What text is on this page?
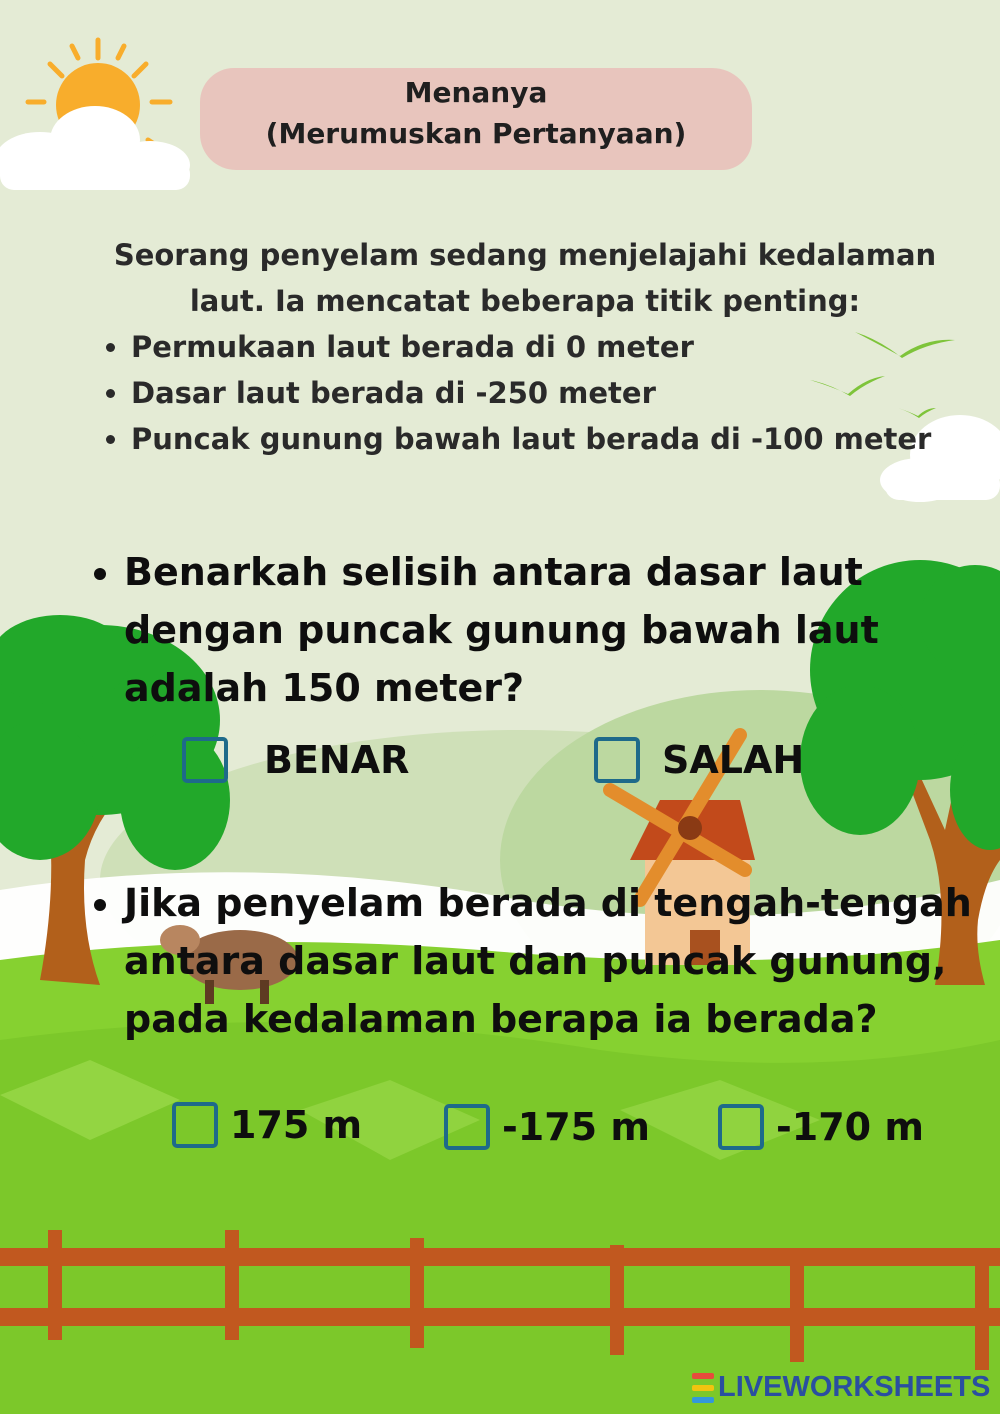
Menanya
(Merumuskan Pertanyaan)

Seorang penyelam sedang menjelajahi kedalaman

laut. Ia mencatat beberapa titik penting:

• Permukaan laut berada di 0 meter
• Dasar laut berada di -250 meter
• Puncak gunung bawah laut berada di -100 meter
• Benarkah selisih antara dasar laut dengan puncak gunung bawah laut adalah 150 meter?
BENAR	SALAH
• Jika penyelam berada di tengah-tengah antara dasar laut dan puncak gunung, pada kedalaman berapa ia berada?
175 m	-175 m	-170 m
LIVEWORKSHEETS
